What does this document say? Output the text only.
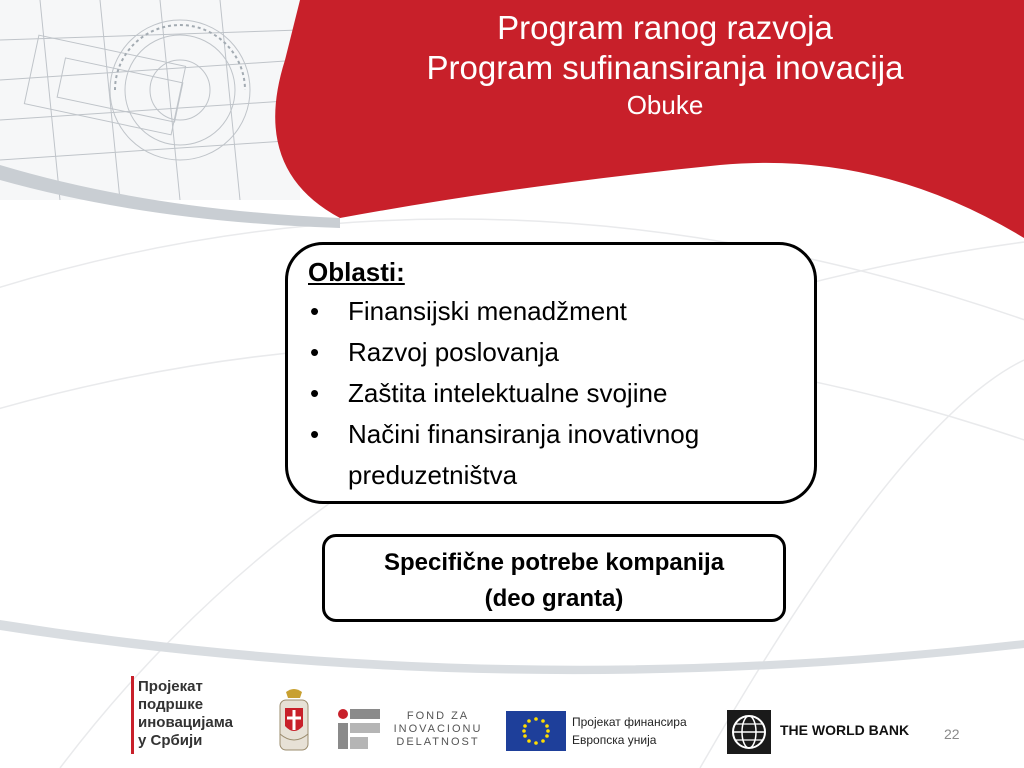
Program ranog razvoja
Program sufinansiranja inovacija
Obuke
Oblasti:
• Finansijski menadžment
• Razvoj poslovanja
• Zaštita intelektualne svojine
• Načini finansiranja inovativnog preduzetništva
Specifične potrebe kompanija
(deo granta)
Пројекат
подршке
иновацијама
у Србији
FOND ZA
INOVACIONU
DELATNOST
Пројекат финансира
Европска унија
THE WORLD BANK 22
